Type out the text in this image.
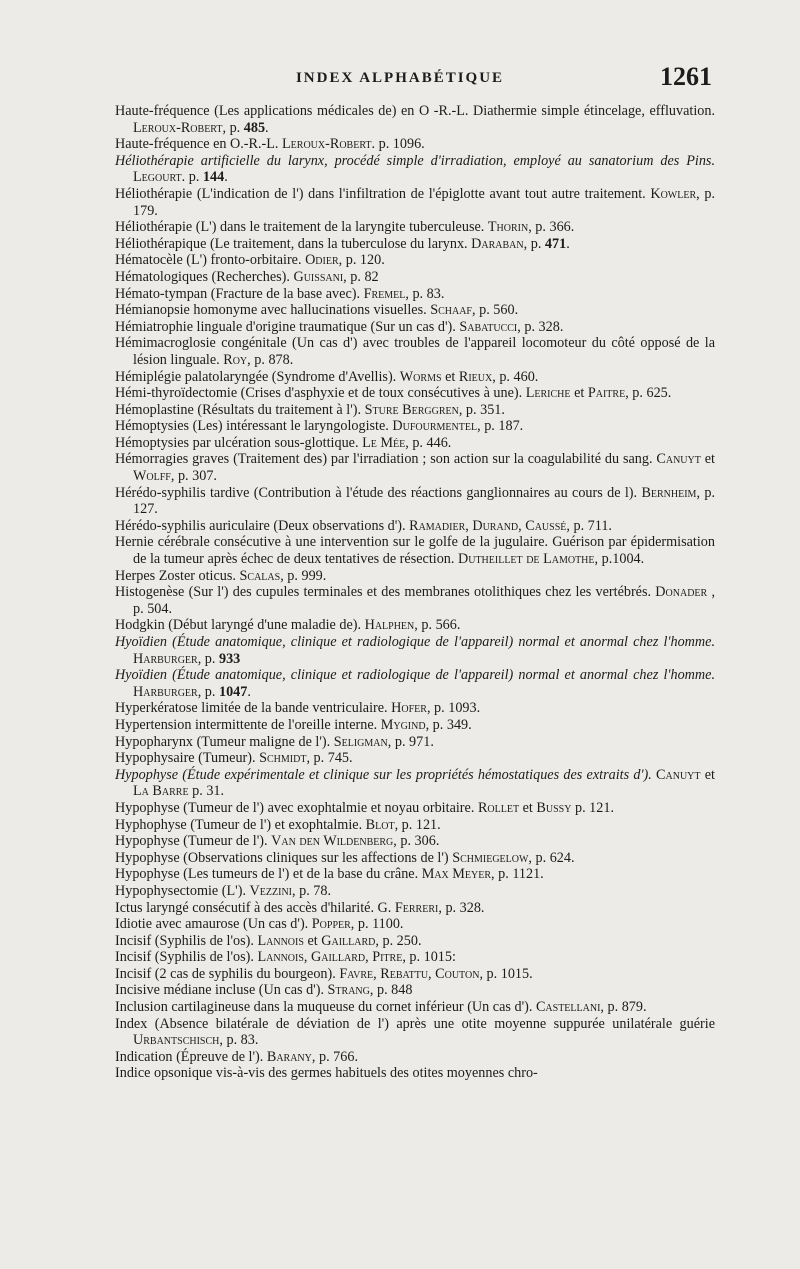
INDEX ALPHABÉTIQUE	1261
Haute-fréquence (Les applications médicales de) en O -R.-L. Diathermie simple étincelage, effluvation. Leroux-Robert, p. 485.
Haute-fréquence en O.-R.-L. Leroux-Robert. p. 1096.
Héliothérapie artificielle du larynx, procédé simple d'irradiation, employé au sanatorium des Pins. Legourt. p. 144.
Héliothérapie (L'indication de l') dans l'infiltration de l'épiglotte avant tout autre traitement. Kowler, p. 179.
Héliothérapie (L') dans le traitement de la laryngite tuberculeuse. Thorin, p. 366.
Héliothérapique (Le traitement, dans la tuberculose du larynx. Daraban, p. 471.
Hématocèle (L') fronto-orbitaire. Odier, p. 120.
Hématologiques (Recherches). Guissani, p. 82
Hémato-tympan (Fracture de la base avec). Fremel, p. 83.
Hémianopsie homonyme avec hallucinations visuelles. Schaaf, p. 560.
Hémiatrophie linguale d'origine traumatique (Sur un cas d'). Sabatucci, p. 328.
Hémimacroglosie congénitale (Un cas d') avec troubles de l'appareil locomoteur du côté opposé de la lésion linguale. Roy, p. 878.
Hémiplégie palatolaryngée (Syndrome d'Avellis). Worms et Rieux, p. 460.
Hémi-thyroïdectomie (Crises d'asphyxie et de toux consécutives à une). Leriche et Paitre, p. 625.
Hémoplastine (Résultats du traitement à l'). Sture Berggren, p. 351.
Hémoptysies (Les) intéressant le laryngologiste. Dufourmentel, p. 187.
Hémoptysies par ulcération sous-glottique. Le Mée, p. 446.
Hémorragies graves (Traitement des) par l'irradiation ; son action sur la coagulabilité du sang. Canuyt et Wolff, p. 307.
Hérédo-syphilis tardive (Contribution à l'étude des réactions ganglionnaires au cours de l). Bernheim, p. 127.
Hérédo-syphilis auriculaire (Deux observations d'). Ramadier, Durand, Caussé, p. 711.
Hernie cérébrale consécutive à une intervention sur le golfe de la jugulaire. Guérison par épidermisation de la tumeur après échec de deux tentatives de résection. Dutheillet de Lamothe, p.1004.
Herpes Zoster oticus. Scalas, p. 999.
Histogenèse (Sur l') des cupules terminales et des membranes otolithiques chez les vertébrés. Donader , p. 504.
Hodgkin (Début laryngé d'une maladie de). Halphen, p. 566.
Hyoïdien (Étude anatomique, clinique et radiologique de l'appareil) normal et anormal chez l'homme. Harburger, p. 933
Hyoïdien (Étude anatomique, clinique et radiologique de l'appareil) normal et anormal chez l'homme. Harburger, p. 1047.
Hyperkératose limitée de la bande ventriculaire. Hofer, p. 1093.
Hypertension intermittente de l'oreille interne. Mygind, p. 349.
Hypopharynx (Tumeur maligne de l'). Seligman, p. 971.
Hypophysaire (Tumeur). Schmidt, p. 745.
Hypophyse (Étude expérimentale et clinique sur les propriétés hémostatiques des extraits d'). Canuyt et La Barre p. 31.
Hypophyse (Tumeur de l') avec exophtalmie et noyau orbitaire. Rollet et Bussy p. 121.
Hyphophyse (Tumeur de l') et exophtalmie. Blot, p. 121.
Hypophyse (Tumeur de l'). Van den Wildenberg, p. 306.
Hypophyse (Observations cliniques sur les affections de l') Schmiegelow, p. 624.
Hypophyse (Les tumeurs de l') et de la base du crâne. Max Meyer, p. 1121.
Hypophysectomie (L'). Vezzini, p. 78.
Ictus laryngé consécutif à des accès d'hilarité. G. Ferreri, p. 328.
Idiotie avec amaurose (Un cas d'). Popper, p. 1100.
Incisif (Syphilis de l'os). Lannois et Gaillard, p. 250.
Incisif (Syphilis de l'os). Lannois, Gaillard, Pitre, p. 1015:
Incisif (2 cas de syphilis du bourgeon). Favre, Rebattu, Couton, p. 1015.
Incisive médiane incluse (Un cas d'). Strang, p. 848
Inclusion cartilagineuse dans la muqueuse du cornet inférieur (Un cas d'). Castellani, p. 879.
Index (Absence bilatérale de déviation de l') après une otite moyenne suppurée unilatérale guérie Urbantschisch, p. 83.
Indication (Épreuve de l'). Barany, p. 766.
Indice opsonique vis-à-vis des germes habituels des otites moyennes chro-
